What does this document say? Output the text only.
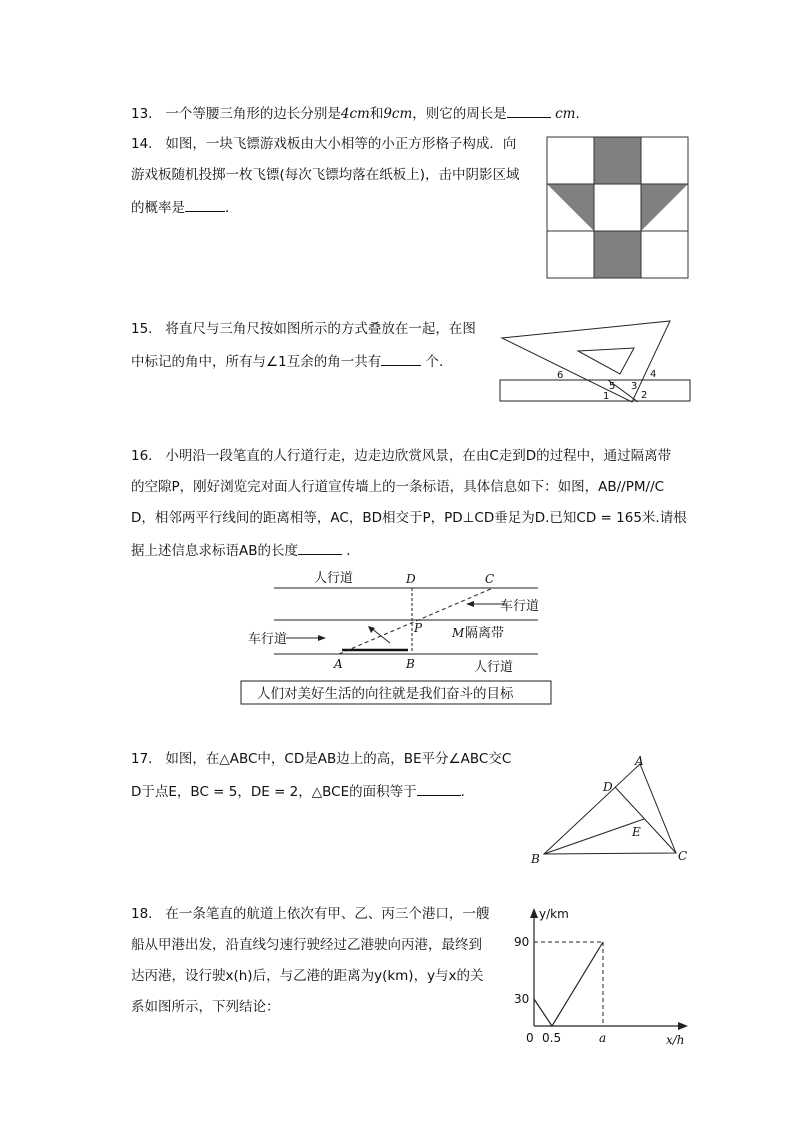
13. 一个等腰三角形的边长分别是4cm和9cm，则它的周长是	cm.
14. 如图，一块飞镖游戏板由大小相等的小正方形格子构成．向
游戏板随机投掷一枚飞镖(每次飞镖均落在纸板上)，击中阴影区域
的概率是	．
15. 将直尺与三角尺按如图所示的方式叠放在一起，在图
中标记的角中，所有与∠1互余的角一共有	个.
1	2
3
4
5
6
16. 小明沿一段笔直的人行道行走，边走边欣赏风景，在由C走到D的过程中，通过隔离带
的空隙P，刚好浏览完对面人行道宣传墙上的一条标语，具体信息如下：如图，AB//PM//C
D，相邻两平行线间的距离相等，AC，BD相交于P，PD⊥CD垂足为D.已知CD = 165米.请根
据上述信息求标语AB的长度	．
人行道
车行道
车行道	隔离带
人行道
人们对美好生活的向往就是我们奋斗的目标
D	C
P M
A	B
17. 如图，在△ABC中，CD是AB边上的高，BE平分∠ABC交C
D于点E，BC = 5，DE = 2，△BCE的面积等于	.
A
B	C
D
E
18. 在一条笔直的航道上依次有甲、乙、丙三个港口，一艘
船从甲港出发，沿直线匀速行驶经过乙港驶向丙港，最终到
达丙港，设行驶x(h)后，与乙港的距离为y(km)，y与x的关
系如图所示，下列结论：
y/km
90
30
0 0.5	a	x/h
